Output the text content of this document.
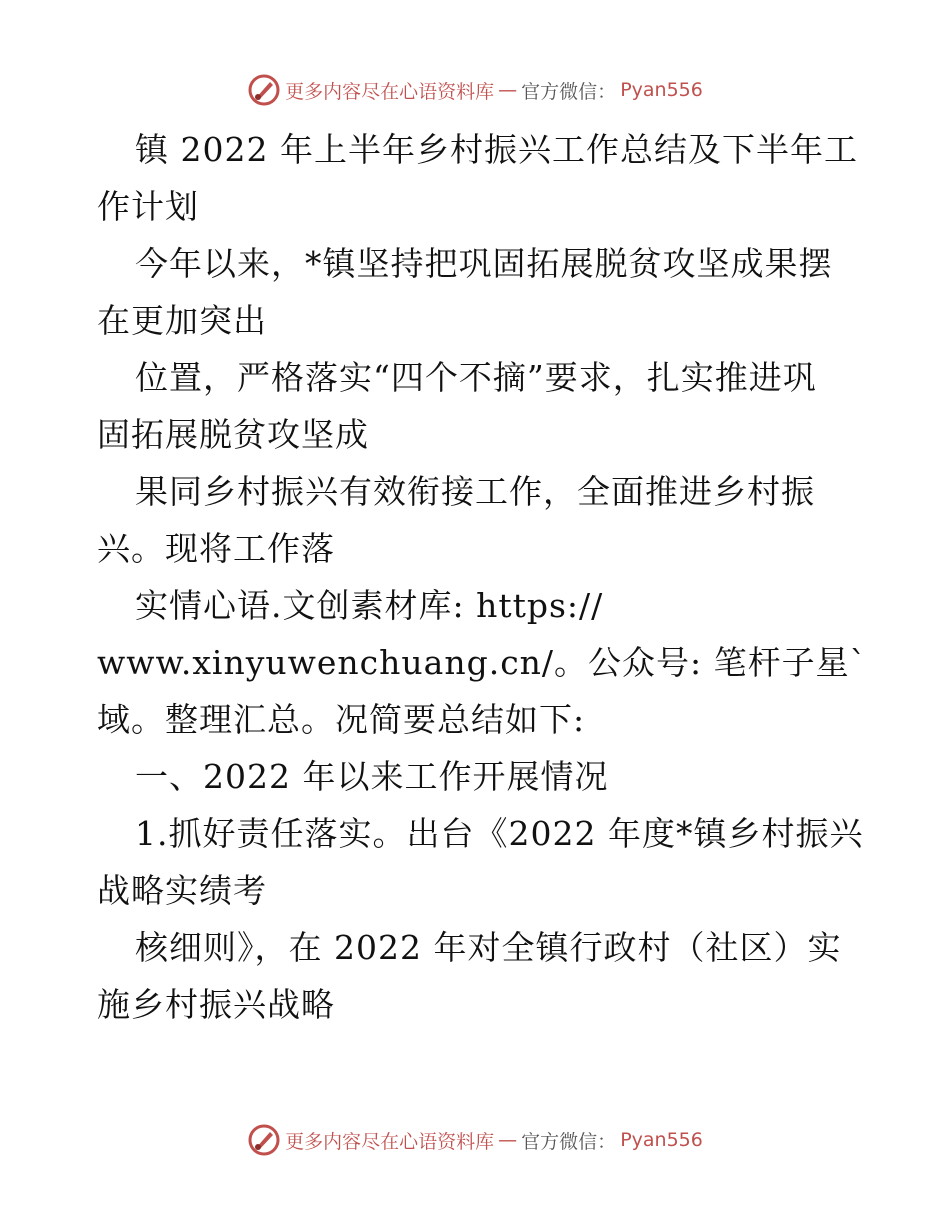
更多内容尽在心语资料库 — 官方微信： Pyan556
镇 2022 年上半年乡村振兴工作总结及下半年工
作计划
今年以来，*镇坚持把巩固拓展脱贫攻坚成果摆
在更加突出
位置，严格落实“四个不摘”要求，扎实推进巩
固拓展脱贫攻坚成
果同乡村振兴有效衔接工作，全面推进乡村振
兴。现将工作落
实情心语.文创素材库: https://
www.xinyuwenchuang.cn/。公众号: 笔杆子星`
域。整理汇总。况简要总结如下:
一、2022 年以来工作开展情况
1.抓好责任落实。出台《2022 年度*镇乡村振兴
战略实绩考
核细则》，在 2022 年对全镇行政村（社区）实
施乡村振兴战略
更多内容尽在心语资料库 — 官方微信： Pyan556
